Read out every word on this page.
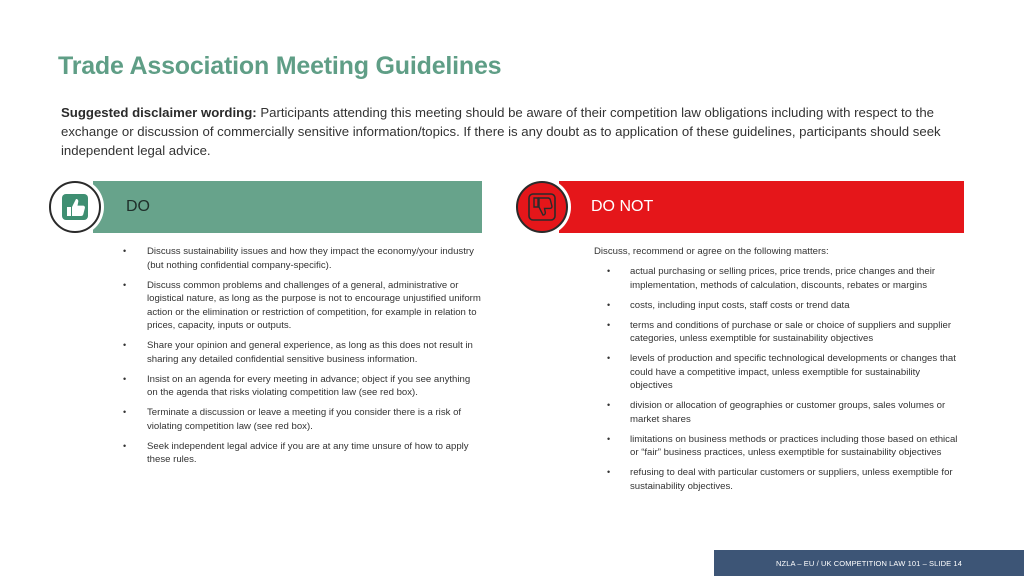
Trade Association Meeting Guidelines

Suggested disclaimer wording: Participants attending this meeting should be aware of their competition law obligations including with respect to the exchange or discussion of commercially sensitive information/topics. If there is any doubt as to application of these guidelines, participants should seek independent legal advice.

DO
• Discuss sustainability issues and how they impact the economy/your industry (but nothing confidential company-specific).
• Discuss common problems and challenges of a general, administrative or logistical nature, as long as the purpose is not to encourage unjustified uniform action or the elimination or restriction of competition, for example in relation to prices, capacity, inputs or outputs.
• Share your opinion and general experience, as long as this does not result in sharing any detailed confidential sensitive business information.
• Insist on an agenda for every meeting in advance; object if you see anything on the agenda that risks violating competition law (see red box).
• Terminate a discussion or leave a meeting if you consider there is a risk of violating competition law (see red box).
• Seek independent legal advice if you are at any time unsure of how to apply these rules.
DO NOT
Discuss, recommend or agree on the following matters:
• actual purchasing or selling prices, price trends, price changes and their implementation, methods of calculation, discounts, rebates or margins
• costs, including input costs, staff costs or trend data
• terms and conditions of purchase or sale or choice of suppliers and supplier categories, unless exemptible for sustainability objectives
• levels of production and specific technological developments or changes that could have a competitive impact, unless exemptible for sustainability objectives
• division or allocation of geographies or customer groups, sales volumes or market shares
• limitations on business methods or practices including those based on ethical or “fair” business practices, unless exemptible for sustainability objectives
• refusing to deal with particular customers or suppliers, unless exemptible for sustainability objectives.
NZLA – EU / UK COMPETITION LAW 101 – SLIDE 14
